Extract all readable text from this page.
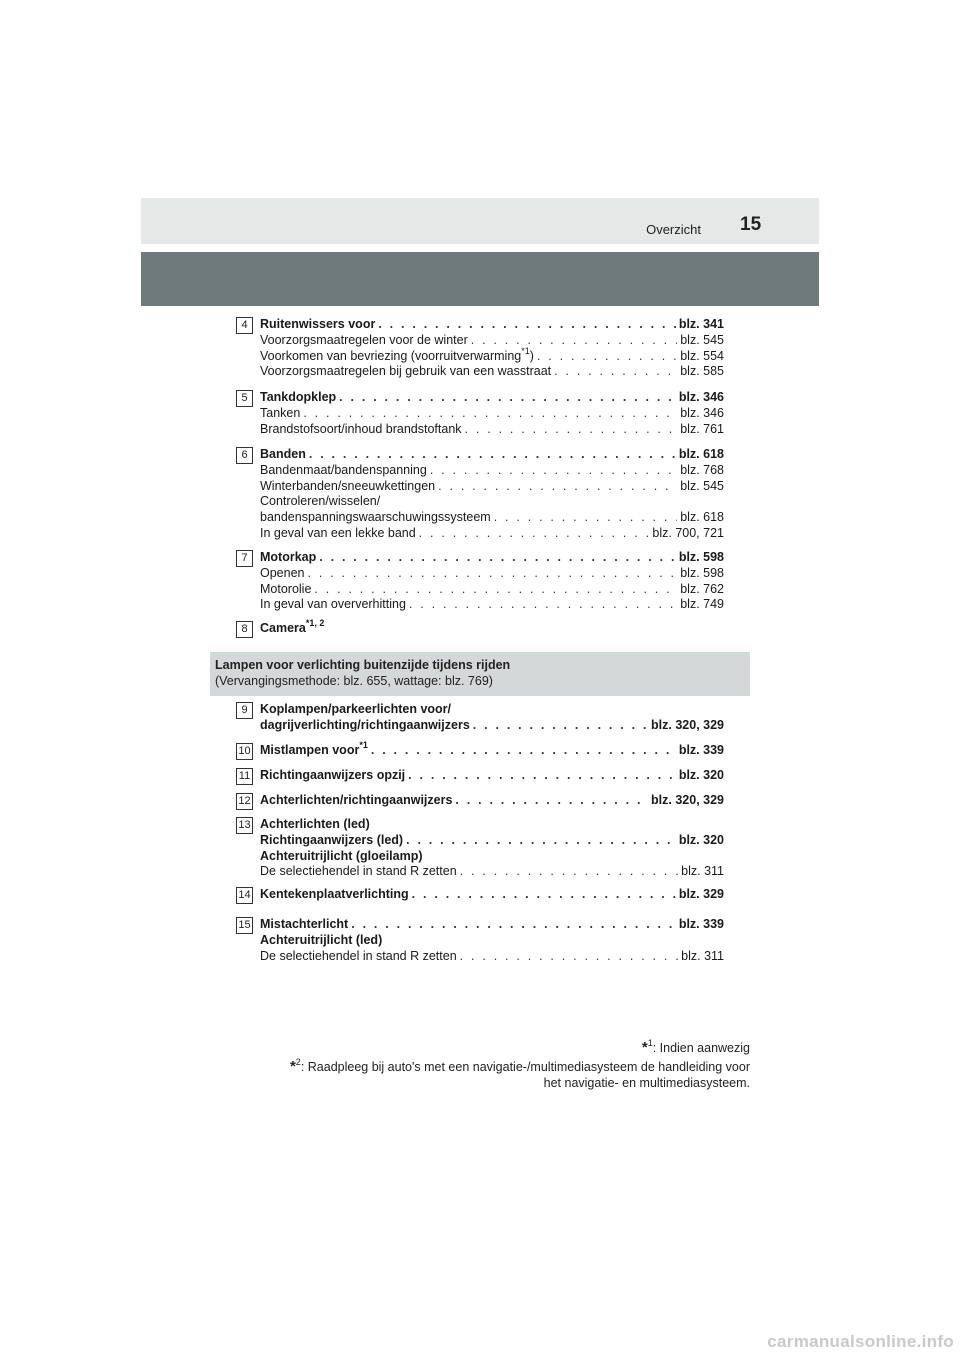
Overzicht 15
4 Ruitenwissers voor . . .	blz. 341
Voorzorgsmaatregelen voor de winter . . .	blz. 545
Voorkomen van bevriezing (voorruitverwarming$^{*1}$) . . .	blz. 554
Voorzorgsmaatregelen bij gebruik van een wasstraat . . .	blz. 585
5 Tankdopklep . . .	blz. 346
Tanken . . .	blz. 346
Brandstofsoort/inhoud brandstoftank . . .	blz. 761
6 Banden . . .	blz. 618
Bandenmaat/bandenspanning . . .	blz. 768
Winterbanden/sneeuwkettingen . . .	blz. 545
Controleren/wisselen/
bandenspanningswaarschuwingssysteem . . .	blz. 618
In geval van een lekke band . . .	blz. 700, 721
7 Motorkap . . .	blz. 598
Openen . . .	blz. 598
Motorolie . . .	blz. 762
In geval van oververhitting . . .	blz. 749
8 Camera$^{*1, 2}$
Lampen voor verlichting buitenzijde tijdens rijden
(Vervangingsmethode: blz. 655, wattage: blz. 769)
9 Koplampen/parkeerlichten voor/
dagrijverlichting/richtingaanwijzers . . .	blz. 320, 329
10 Mistlampen voor$^{*1}$ . . .	blz. 339
11 Richtingaanwijzers opzij . . .	blz. 320
12 Achterlichten/richtingaanwijzers . . .	blz. 320, 329
13 Achterlichten (led)
Richtingaanwijzers (led) . . .	blz. 320
Achteruitrijlicht (gloeilamp)
De selectiehendel in stand R zetten . . .	blz. 311
14 Kentekenplaatverlichting . . .	blz. 329
15 Mistachterlicht . . .	blz. 339
Achteruitrijlicht (led)
De selectiehendel in stand R zetten . . .	blz. 311
*$^1$: Indien aanwezig
*$^2$: Raadpleeg bij auto's met een navigatie-/multimediasysteem de handleiding voor
het navigatie- en multimediasysteem.
carmanualsonline.info
